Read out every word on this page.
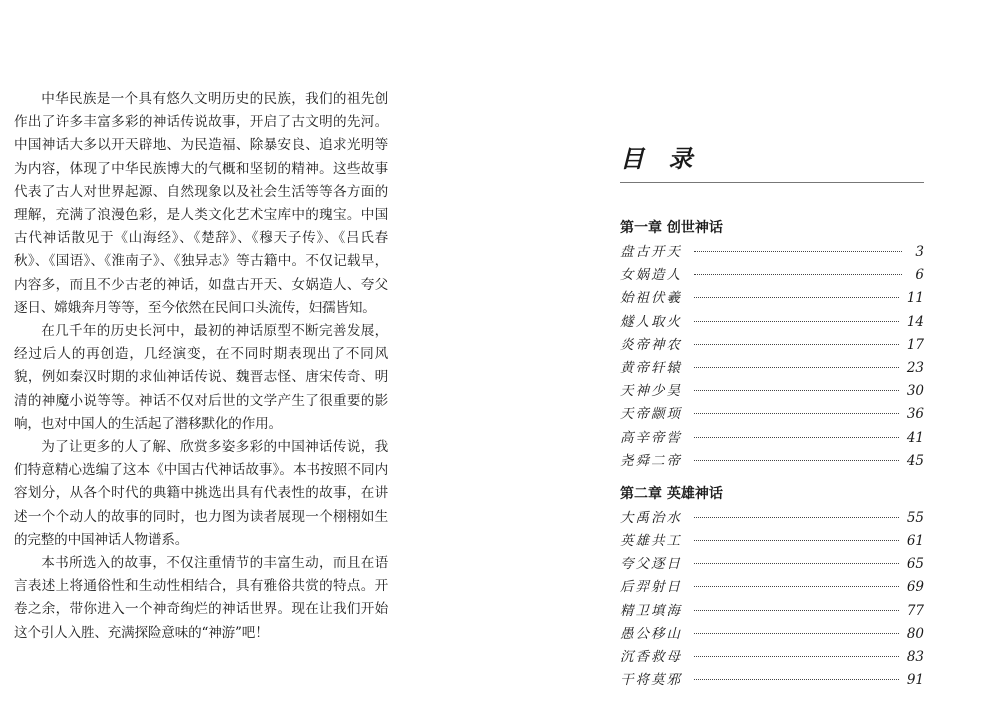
中华民族是一个具有悠久文明历史的民族，我们的祖先创作出了许多丰富多彩的神话传说故事，开启了古文明的先河。中国神话大多以开天辟地、为民造福、除暴安良、追求光明等为内容，体现了中华民族博大的气概和坚韧的精神。这些故事代表了古人对世界起源、自然现象以及社会生活等等各方面的理解，充满了浪漫色彩，是人类文化艺术宝库中的瑰宝。中国古代神话散见于《山海经》、《楚辞》、《穆天子传》、《吕氏春秋》、《国语》、《淮南子》、《独异志》等古籍中。不仅记载早，内容多，而且不少古老的神话，如盘古开天、女娲造人、夸父逐日、嫦娥奔月等等，至今依然在民间口头流传，妇孺皆知。

在几千年的历史长河中，最初的神话原型不断完善发展，经过后人的再创造，几经演变，在不同时期表现出了不同风貌，例如秦汉时期的求仙神话传说、魏晋志怪、唐宋传奇、明清的神魔小说等等。神话不仅对后世的文学产生了很重要的影响，也对中国人的生活起了潜移默化的作用。

为了让更多的人了解、欣赏多姿多彩的中国神话传说，我们特意精心选编了这本《中国古代神话故事》。本书按照不同内容划分，从各个时代的典籍中挑选出具有代表性的故事，在讲述一个个动人的故事的同时，也力图为读者展现一个栩栩如生的完整的中国神话人物谱系。

本书所选入的故事，不仅注重情节的丰富生动，而且在语言表述上将通俗性和生动性相结合，具有雅俗共赏的特点。开卷之余，带你进入一个神奇绚烂的神话世界。现在让我们开始这个引人入胜、充满探险意味的“神游”吧！

目 录
第一章 创世神话
盘古开天	3
女娲造人	6
始祖伏羲	11
燧人取火	14
炎帝神农	17
黄帝轩辕	23
天神少昊	30
天帝颛顼	36
高辛帝喾	41
尧舜二帝	45
第二章 英雄神话
大禹治水	55
英雄共工	61
夸父逐日	65
后羿射日	69
精卫填海	77
愚公移山	80
沉香救母	83
干将莫邪	91
